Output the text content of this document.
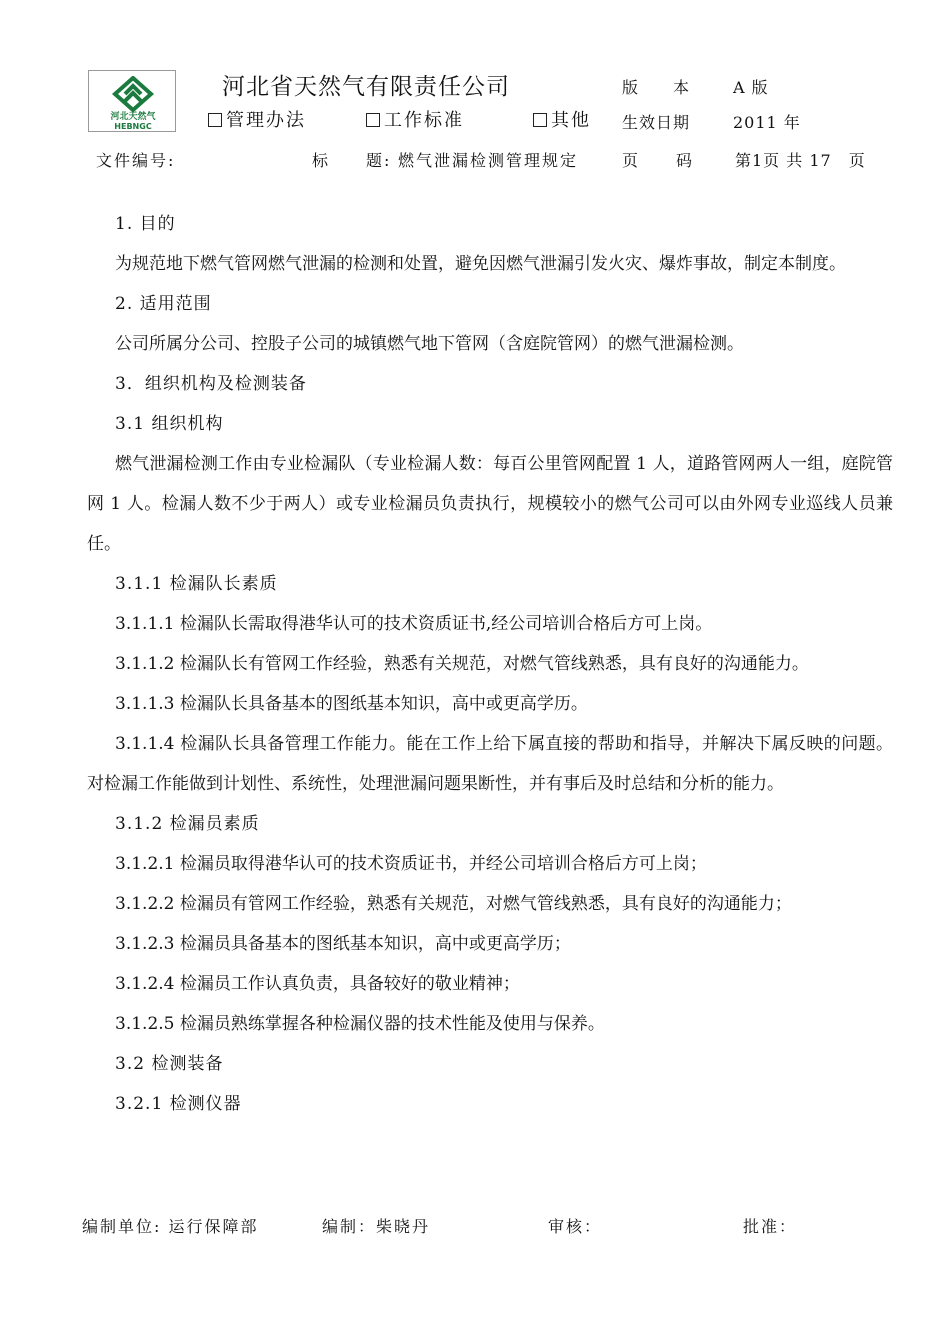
河北天然气
HEBNGC
河北省天然气有限责任公司
管理办法	工作标准	其他
版　　本	A 版
生效日期	2011 年
文件编号:	标　　题: 燃气泄漏检测管理规定	页　　码	第1页 共 17　页

1. 目的

为规范地下燃气管网燃气泄漏的检测和处置，避免因燃气泄漏引发火灾、爆炸事故，制定本制度。

2. 适用范围

公司所属分公司、控股子公司的城镇燃气地下管网（含庭院管网）的燃气泄漏检测。

3．组织机构及检测装备

3.1 组织机构

燃气泄漏检测工作由专业检漏队（专业检漏人数：每百公里管网配置 1 人，道路管网两人一组，庭院管网 1 人。检漏人数不少于两人）或专业检漏员负责执行，规模较小的燃气公司可以由外网专业巡线人员兼任。

3.1.1 检漏队长素质

3.1.1.1 检漏队长需取得港华认可的技术资质证书,经公司培训合格后方可上岗。

3.1.1.2 检漏队长有管网工作经验，熟悉有关规范，对燃气管线熟悉，具有良好的沟通能力。

3.1.1.3 检漏队长具备基本的图纸基本知识，高中或更高学历。

3.1.1.4 检漏队长具备管理工作能力。能在工作上给下属直接的帮助和指导，并解决下属反映的问题。对检漏工作能做到计划性、系统性，处理泄漏问题果断性，并有事后及时总结和分析的能力。

3.1.2 检漏员素质

3.1.2.1 检漏员取得港华认可的技术资质证书，并经公司培训合格后方可上岗；

3.1.2.2 检漏员有管网工作经验，熟悉有关规范，对燃气管线熟悉，具有良好的沟通能力；

3.1.2.3 检漏员具备基本的图纸基本知识，高中或更高学历；

3.1.2.4 检漏员工作认真负责，具备较好的敬业精神；

3.1.2.5 检漏员熟练掌握各种检漏仪器的技术性能及使用与保养。

3.2 检测装备

3.2.1 检测仪器

编制单位: 运行保障部	编制：柴晓丹	审核：	批准：
